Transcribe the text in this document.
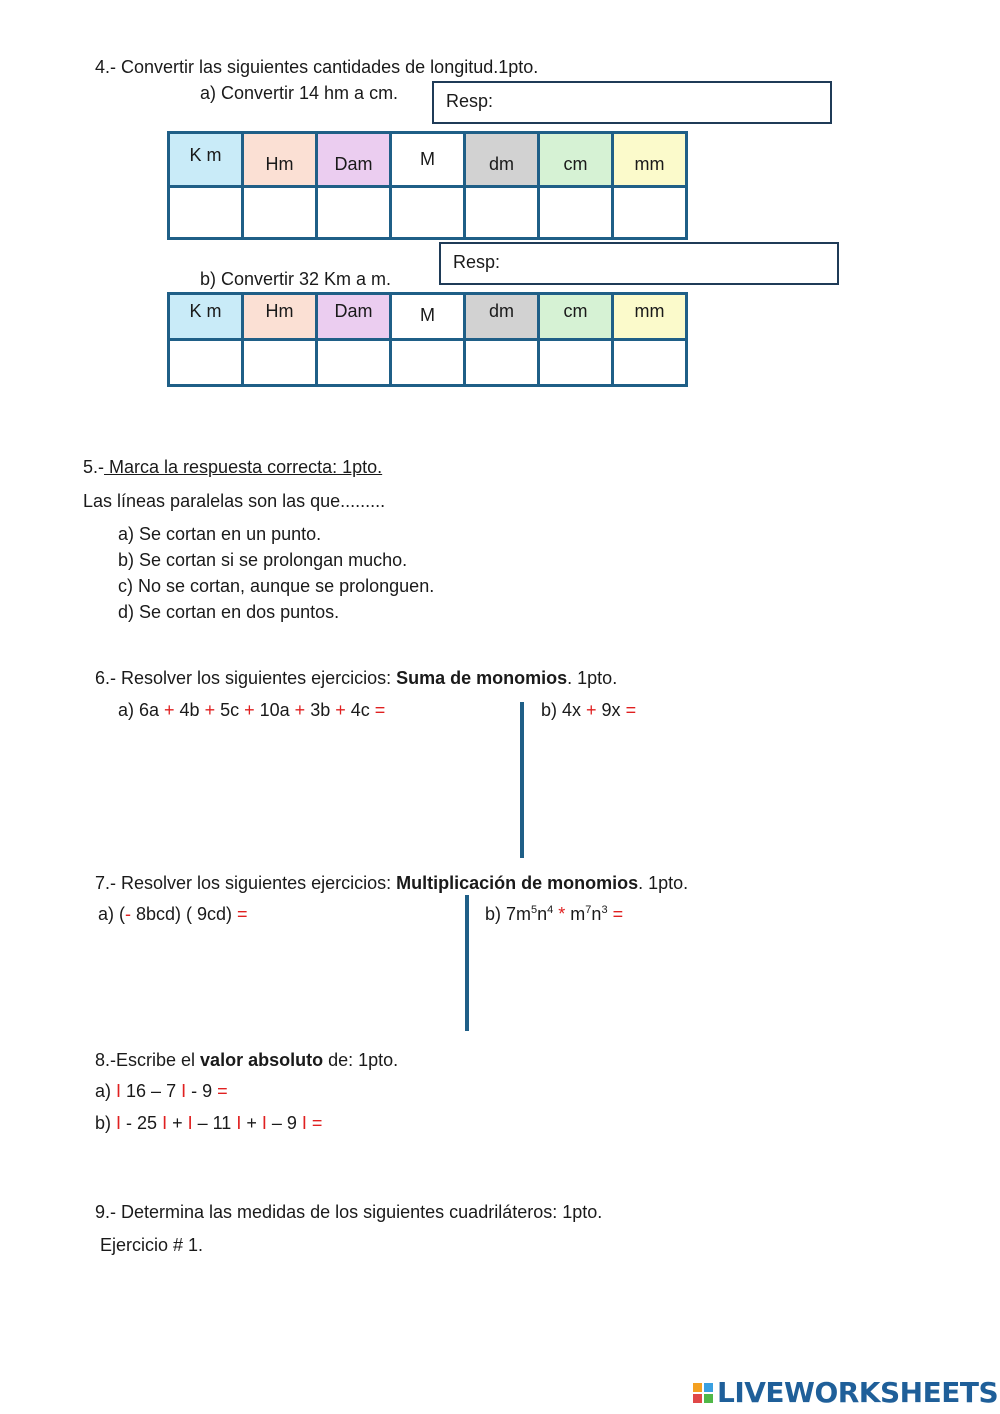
4.- Convertir las siguientes cantidades de longitud.1pto.
a) Convertir 14 hm a cm.	Resp:
K m	Hm	Dam	M	dm	cm	mm

Resp:
b) Convertir 32 Km a m.
K m	Hm	Dam	M	dm	cm	mm

5.- Marca la respuesta correcta: 1pto.
Las líneas paralelas son las que.........
a) Se cortan en un punto.
b) Se cortan si se prolongan mucho.
c) No se cortan, aunque se prolonguen.
d) Se cortan en dos puntos.
6.- Resolver los siguientes ejercicios: Suma de monomios. 1pto.
a) 6a + 4b + 5c + 10a + 3b + 4c =	b) 4x + 9x =
7.- Resolver los siguientes ejercicios: Multiplicación de monomios. 1pto.
a) (- 8bcd) ( 9cd) =	b) $7m^5n^4 * m^7n^3$ =
8.-Escribe el valor absoluto de: 1pto.
a) I 16 – 7 I - 9 =
b) I - 25 I + I – 11 I + I – 9 I =
9.- Determina las medidas de los siguientes cuadriláteros: 1pto.
Ejercicio # 1.
LIVEWORKSHEETS
